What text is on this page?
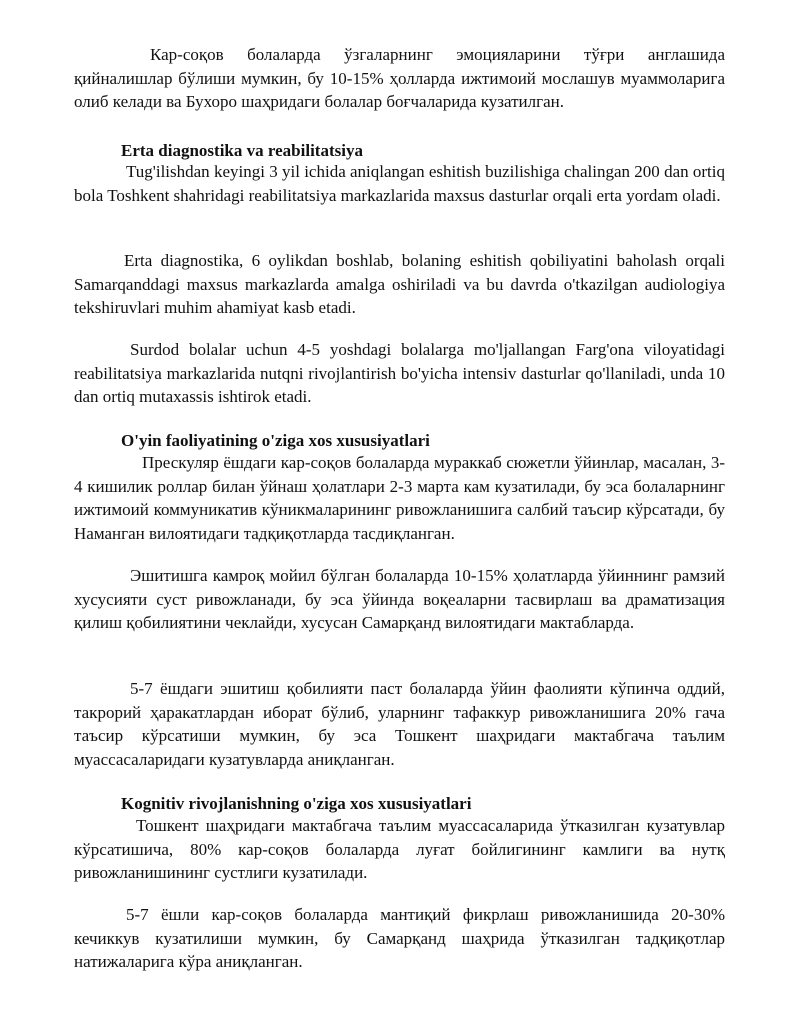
Кар-соқов болаларда ўзгаларнинг эмоцияларини тўғри англашида қийналишлар бўлиши мумкин, бу 10-15% ҳолларда ижтимоий мослашув муаммоларига олиб келади ва Бухоро шаҳридаги болалар боғчаларида кузатилган.

Erta diagnostika va reabilitatsiya

Tug'ilishdan keyingi 3 yil ichida aniqlangan eshitish buzilishiga chalingan 200 dan ortiq bola Toshkent shahridagi reabilitatsiya markazlarida maxsus dasturlar orqali erta yordam oladi.

Erta diagnostika, 6 oylikdan boshlab, bolaning eshitish qobiliyatini baholash orqali Samarqanddagi maxsus markazlarda amalga oshiriladi va bu davrda o'tkazilgan audiologiya tekshiruvlari muhim ahamiyat kasb etadi.

Surdod bolalar uchun 4-5 yoshdagi bolalarga mo'ljallangan Farg'ona viloyatidagi reabilitatsiya markazlarida nutqni rivojlantirish bo'yicha intensiv dasturlar qo'llaniladi, unda 10 dan ortiq mutaxassis ishtirok etadi.

O'yin faoliyatining o'ziga xos xususiyatlari

Прескуляр ёшдаги кар-соқов болаларда мураккаб сюжетли ўйинлар, масалан, 3-4 кишилик роллар билан ўйнаш ҳолатлари 2-3 марта кам кузатилади, бу эса болаларнинг ижтимоий коммуникатив кўникмаларининг ривожланишига салбий таъсир кўрсатади, бу Наманган вилоятидаги тадқиқотларда тасдиқланган.

Эшитишга камроқ мойил бўлган болаларда 10-15% ҳолатларда ўйиннинг рамзий хусусияти суст ривожланади, бу эса ўйинда воқеаларни тасвирлаш ва драматизация қилиш қобилиятини чеклайди, хусусан Самарқанд вилоятидаги мактабларда.

5-7 ёшдаги эшитиш қобилияти паст болаларда ўйин фаолияти кўпинча оддий, такрорий ҳаракатлардан иборат бўлиб, уларнинг тафаккур ривожланишига 20% гача таъсир кўрсатиши мумкин, бу эса Тошкент шаҳридаги мактабгача таълим муассасаларидаги кузатувларда аниқланган.

Kognitiv rivojlanishning o'ziga xos xususiyatlari

Тошкент шаҳридаги мактабгача таълим муассасаларида ўтказилган кузатувлар кўрсатишича, 80% кар-соқов болаларда луғат бойлигининг камлиги ва нутқ ривожланишининг сустлиги кузатилади.

5-7 ёшли кар-соқов болаларда мантиқий фикрлаш ривожланишида 20-30% кечиккув кузатилиши мумкин, бу Самарқанд шаҳрида ўтказилган тадқиқотлар натижаларига кўра аниқланган.
